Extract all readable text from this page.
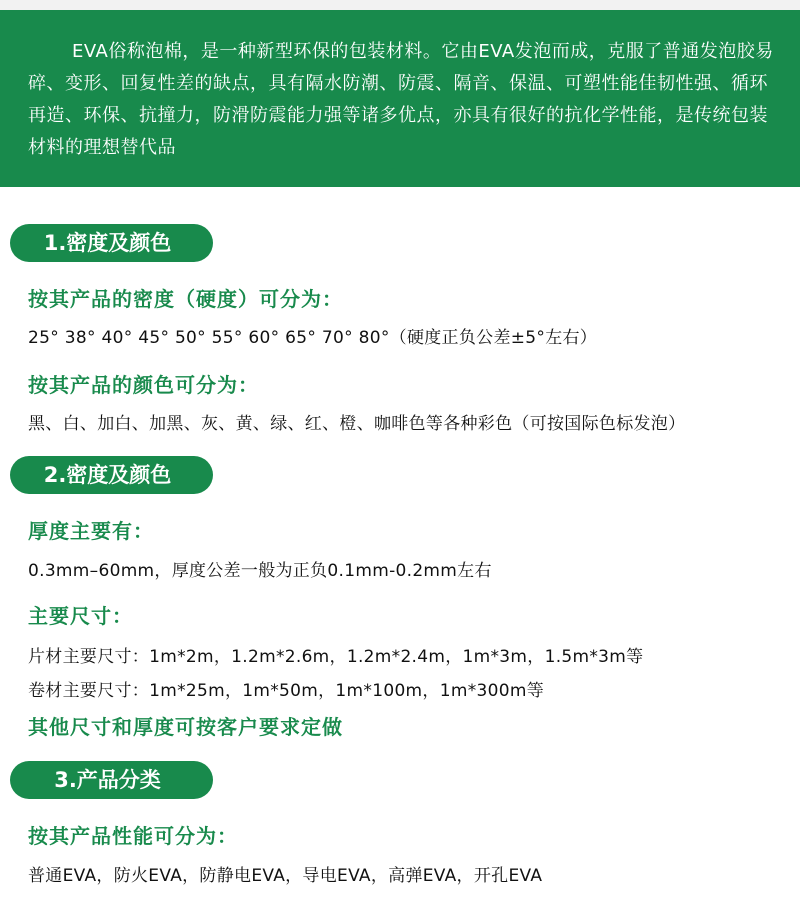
EVA俗称泡棉，是一种新型环保的包装材料。它由EVA发泡而成，克服了普通发泡胶易碎、变形、回复性差的缺点，具有隔水防潮、防震、隔音、保温、可塑性能佳韧性强、循环再造、环保、抗撞力，防滑防震能力强等诸多优点，亦具有很好的抗化学性能，是传统包装材料的理想替代品

1.密度及颜色
按其产品的密度（硬度）可分为：
25° 38° 40° 45° 50° 55° 60° 65° 70° 80°（硬度正负公差±5°左右）
按其产品的颜色可分为：
黑、白、加白、加黑、灰、黄、绿、红、橙、咖啡色等各种彩色（可按国际色标发泡）
2.密度及颜色
厚度主要有：
0.3mm–60mm，厚度公差一般为正负0.1mm-0.2mm左右
主要尺寸：
片材主要尺寸：1m*2m，1.2m*2.6m，1.2m*2.4m，1m*3m，1.5m*3m等
卷材主要尺寸：1m*25m，1m*50m，1m*100m，1m*300m等
其他尺寸和厚度可按客户要求定做
3.产品分类
按其产品性能可分为：
普通EVA，防火EVA，防静电EVA，导电EVA，高弹EVA，开孔EVA
